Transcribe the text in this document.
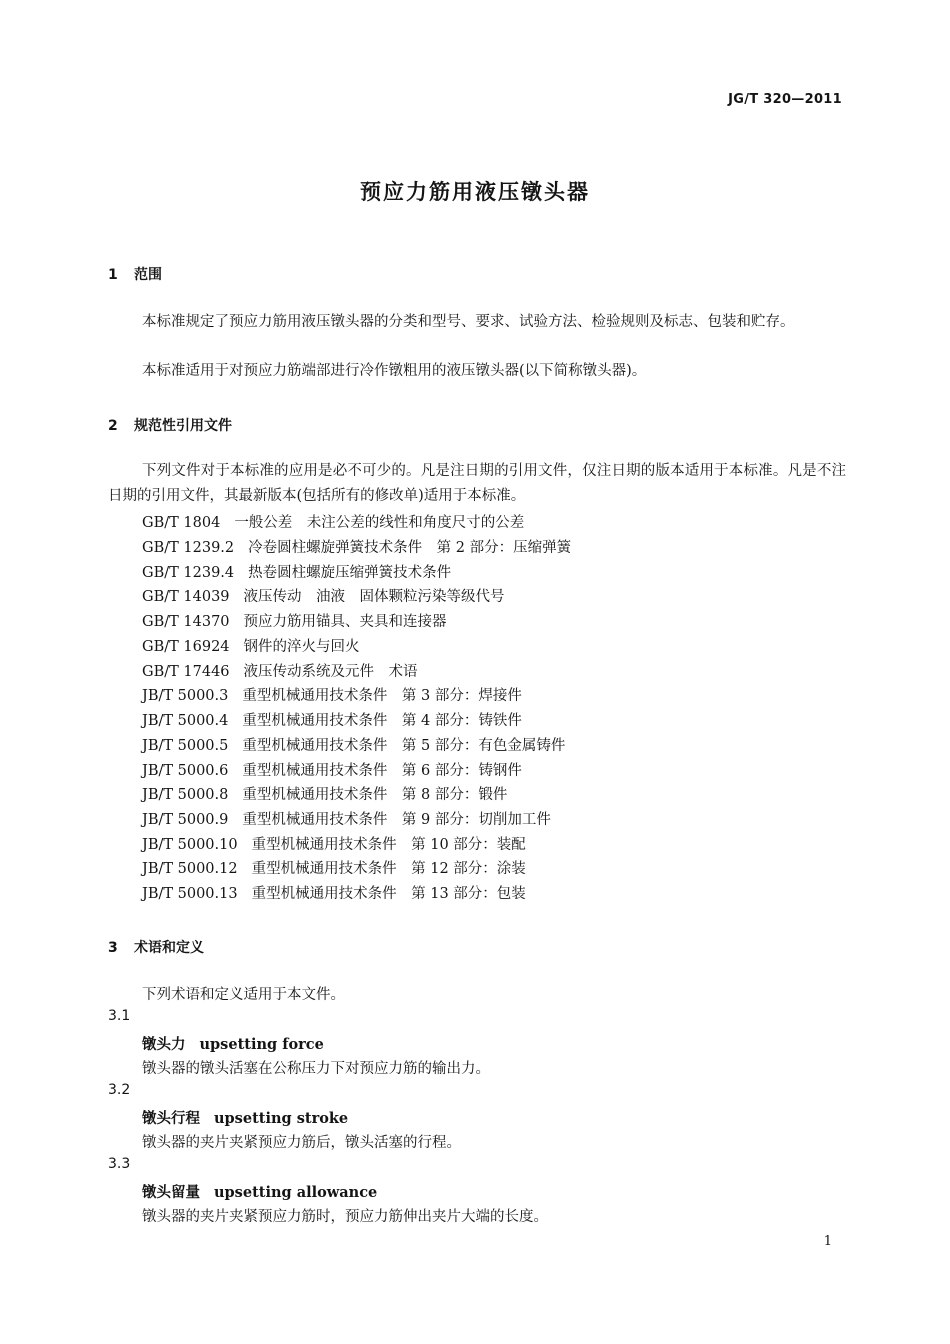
JG/T 320—2011
预应力筋用液压镦头器
1 范围

本标准规定了预应力筋用液压镦头器的分类和型号、要求、试验方法、检验规则及标志、包装和贮存。

本标准适用于对预应力筋端部进行冷作镦粗用的液压镦头器(以下简称镦头器)。

2 规范性引用文件

下列文件对于本标准的应用是必不可少的。凡是注日期的引用文件，仅注日期的版本适用于本标准。凡是不注日期的引用文件，其最新版本(包括所有的修改单)适用于本标准。

GB/T 1804 一般公差　未注公差的线性和角度尺寸的公差
GB/T 1239.2 冷卷圆柱螺旋弹簧技术条件　第 2 部分：压缩弹簧
GB/T 1239.4 热卷圆柱螺旋压缩弹簧技术条件
GB/T 14039 液压传动　油液　固体颗粒污染等级代号
GB/T 14370 预应力筋用锚具、夹具和连接器
GB/T 16924 钢件的淬火与回火
GB/T 17446 液压传动系统及元件　术语
JB/T 5000.3 重型机械通用技术条件　第 3 部分：焊接件
JB/T 5000.4 重型机械通用技术条件　第 4 部分：铸铁件
JB/T 5000.5 重型机械通用技术条件　第 5 部分：有色金属铸件
JB/T 5000.6 重型机械通用技术条件　第 6 部分：铸钢件
JB/T 5000.8 重型机械通用技术条件　第 8 部分：锻件
JB/T 5000.9 重型机械通用技术条件　第 9 部分：切削加工件
JB/T 5000.10 重型机械通用技术条件　第 10 部分：装配
JB/T 5000.12 重型机械通用技术条件　第 12 部分：涂装
JB/T 5000.13 重型机械通用技术条件　第 13 部分：包装
3 术语和定义
下列术语和定义适用于本文件。
3.1
镦头力 upsetting force
镦头器的镦头活塞在公称压力下对预应力筋的输出力。
3.2
镦头行程 upsetting stroke
镦头器的夹片夹紧预应力筋后，镦头活塞的行程。
3.3
镦头留量 upsetting allowance
镦头器的夹片夹紧预应力筋时，预应力筋伸出夹片大端的长度。
1
